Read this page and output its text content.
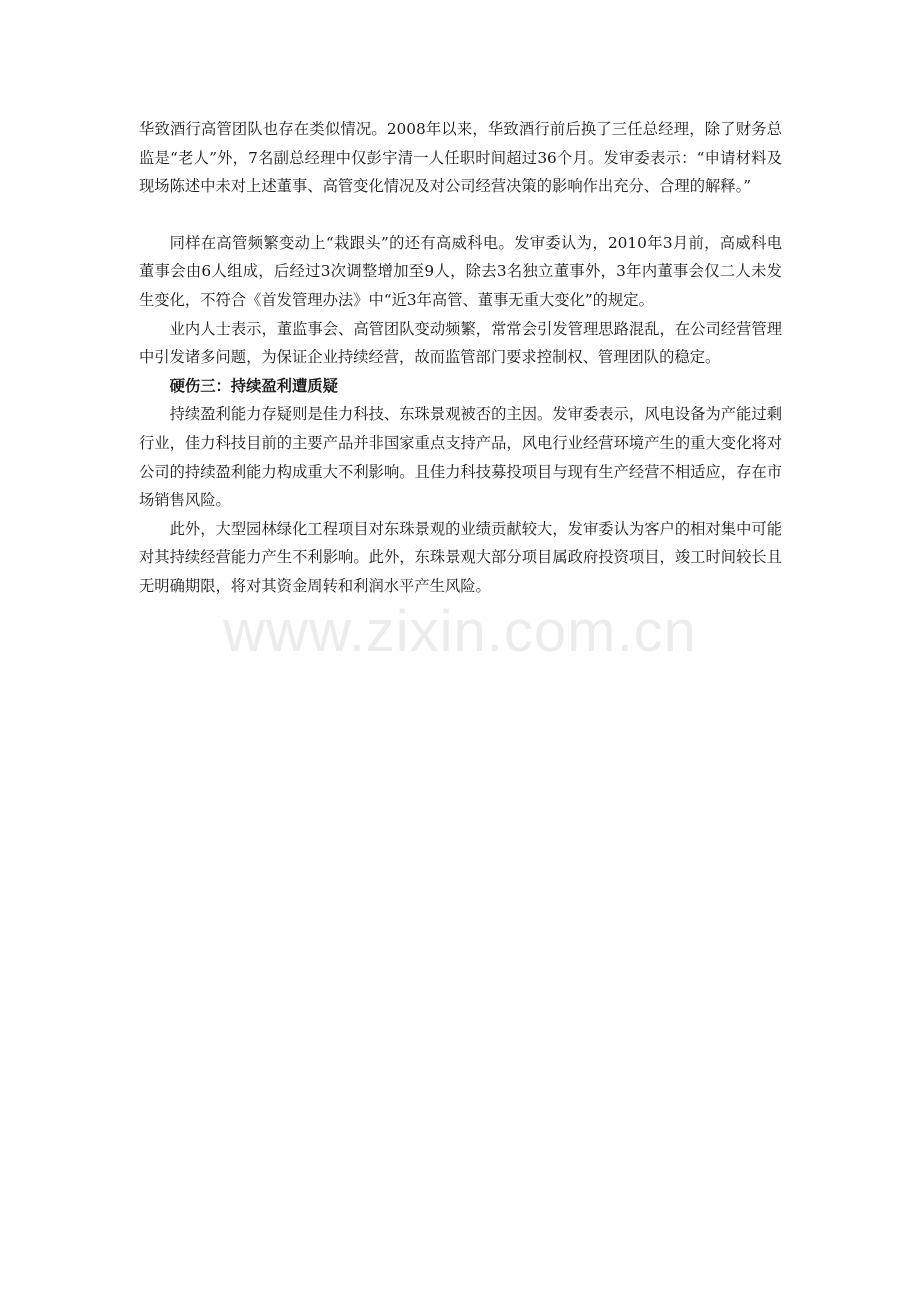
华致酒行高管团队也存在类似情况。2008年以来，华致酒行前后换了三任总经理，除了财务总监是“老人”外，7名副总经理中仅彭宇清一人任职时间超过36个月。发审委表示：“申请材料及现场陈述中未对上述董事、高管变化情况及对公司经营决策的影响作出充分、合理的解释。”

同样在高管频繁变动上“栽跟头”的还有高威科电。发审委认为，2010年3月前，高威科电董事会由6人组成，后经过3次调整增加至9人，除去3名独立董事外，3年内董事会仅二人未发生变化，不符合《首发管理办法》中“近3年高管、董事无重大变化”的规定。

业内人士表示，董监事会、高管团队变动频繁，常常会引发管理思路混乱，在公司经营管理中引发诸多问题，为保证企业持续经营，故而监管部门要求控制权、管理团队的稳定。

硬伤三：持续盈利遭质疑

持续盈利能力存疑则是佳力科技、东珠景观被否的主因。发审委表示，风电设备为产能过剩行业，佳力科技目前的主要产品并非国家重点支持产品，风电行业经营环境产生的重大变化将对公司的持续盈利能力构成重大不利影响。且佳力科技募投项目与现有生产经营不相适应，存在市场销售风险。

此外，大型园林绿化工程项目对东珠景观的业绩贡献较大，发审委认为客户的相对集中可能对其持续经营能力产生不利影响。此外，东珠景观大部分项目属政府投资项目，竣工时间较长且无明确期限，将对其资金周转和利润水平产生风险。

www.zixin.com.cn
